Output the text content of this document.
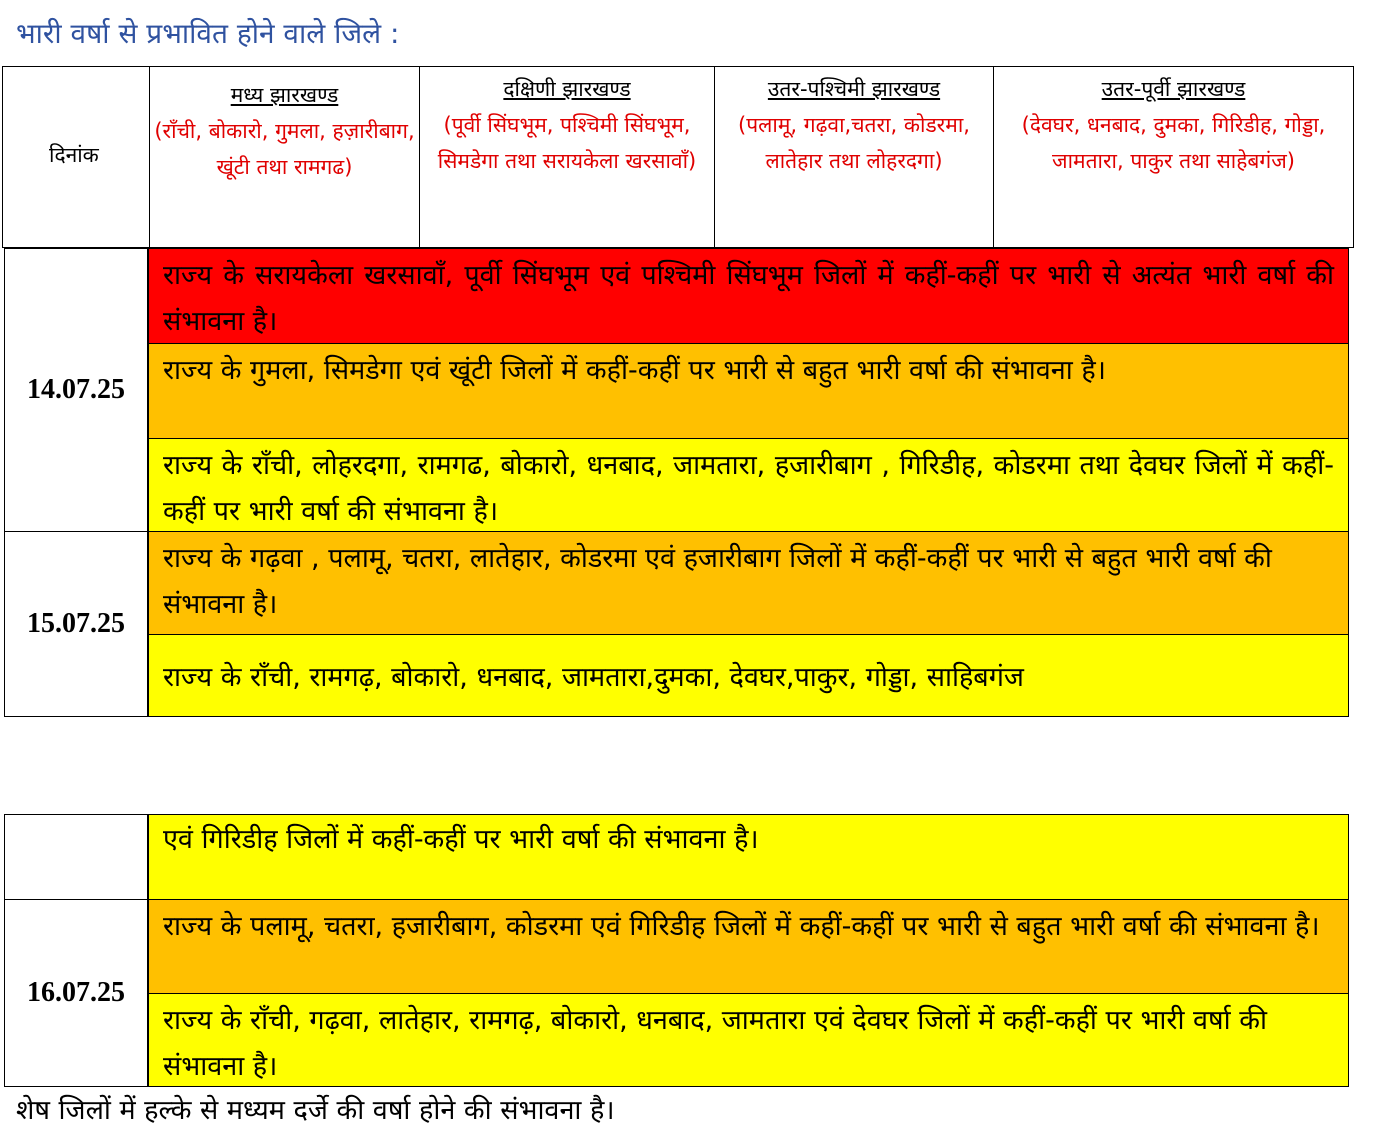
भारी वर्षा से प्रभावित होने वाले जिले :
दिनांक
मध्य झारखण्ड
(राँची, बोकारो, गुमला, हज़ारीबाग, खूंटी तथा रामगढ)
दक्षिणी झारखण्ड
(पूर्वी सिंघभूम, पश्चिमी सिंघभूम, सिमडेगा तथा सरायकेला खरसावाँ)
उतर-पश्चिमी झारखण्ड
(पलामू, गढ़वा,चतरा, कोडरमा, लातेहार तथा लोहरदगा)
उतर-पूर्वी झारखण्ड
(देवघर, धनबाद, दुमका, गिरिडीह, गोड्डा, जामतारा, पाकुर तथा साहेबगंज)
14.07.25
राज्य के सरायकेला खरसावाँ, पूर्वी सिंघभूम एवं पश्चिमी सिंघभूम जिलों में कहीं-कहीं पर भारी से अत्यंत भारी वर्षा की संभावना है।
राज्य के गुमला, सिमडेगा एवं खूंटी जिलों में कहीं-कहीं पर भारी से बहुत भारी वर्षा की संभावना है।
राज्य के राँची, लोहरदगा, रामगढ, बोकारो, धनबाद, जामतारा, हजारीबाग , गिरिडीह, कोडरमा तथा देवघर जिलों में कहीं-कहीं पर भारी वर्षा की संभावना है।
15.07.25
राज्य के गढ़वा , पलामू, चतरा, लातेहार, कोडरमा एवं हजारीबाग जिलों में कहीं-कहीं पर भारी से बहुत भारी वर्षा की संभावना है।
राज्य के राँची, रामगढ़, बोकारो, धनबाद, जामतारा,दुमका, देवघर,पाकुर, गोड्डा, साहिबगंज
एवं गिरिडीह जिलों में कहीं-कहीं पर भारी वर्षा की संभावना है।
16.07.25
राज्य के पलामू, चतरा, हजारीबाग, कोडरमा एवं गिरिडीह जिलों में कहीं-कहीं पर भारी से बहुत भारी वर्षा की संभावना है।
राज्य के राँची, गढ़वा, लातेहार, रामगढ़, बोकारो, धनबाद, जामतारा एवं देवघर जिलों में कहीं-कहीं पर भारी वर्षा की संभावना है।
शेष जिलों में हल्के से मध्यम दर्जे की वर्षा होने की संभावना है।
